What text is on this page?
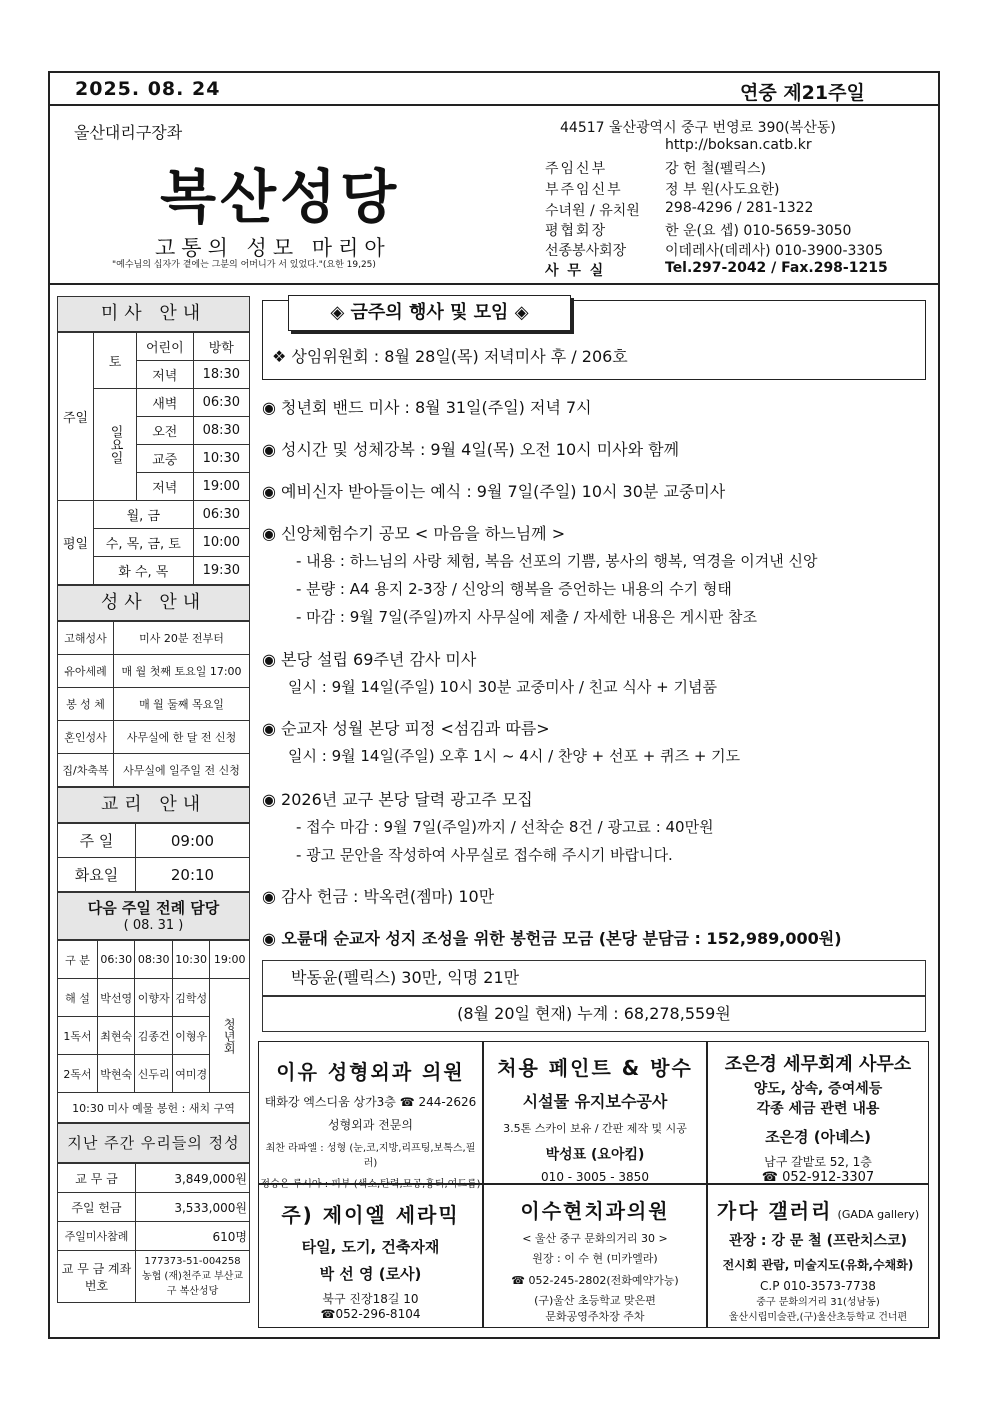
2025. 08. 24	연중 제21주일
울산대리구장좌
복산성당
고통의 성모 마리아
"예수님의 십자가 곁에는 그분의 어머니가 서 있었다."(요한 19,25)
44517 울산광역시 중구 번영로 390(복산동)
http://boksan.catb.kr
주임신부	강 헌 철(펠릭스)
부주임신부	정 부 원(사도요한)
수녀원 / 유치원	298-4296 / 281-1322
평협회장	한 운(요 셉) 010-5659-3050
선종봉사회장	이데레사(데레사) 010-3900-3305
사 무 실	Tel.297-2042 / Fax.298-1215
미사 안내
주일	토	어린이	방학
		저녁	18:30
	일요일	새벽	06:30
		오전	08:30
		교중	10:30
		저녁	19:00
평일	월, 금		06:30
	수, 목, 금, 토		10:00
	화 수, 목		19:30
성사 안내
고해성사	미사 20분 전부터
유아세례	매 월 첫째 토요일 17:00
봉 성 체	매 월 둘째 목요일
혼인성사	사무실에 한 달 전 신청
집/차축복	사무실에 일주일 전 신청
교리 안내
주 일	09:00
화요일	20:10
다음 주일 전례 담당
( 08. 31 )
구 분	06:30	08:30	10:30	19:00
해 설	박선영	이향자	김학성	청년회
1독서	최현숙	김종건	이형우	
2독서	박현숙	신두리	여미경	
10:30 미사 예물 봉헌 : 새치 구역				
지난 주간 우리들의 정성
교 무 금	3,849,000원
주일 헌금	3,533,000원
주일미사참례	610명
교 무 금 계좌번호	177373-51-004258 농협 (재)천주교 부산교구 복산성당
◈ 금주의 행사 및 모임 ◈
❖ 상임위원회 : 8월 28일(목) 저녁미사 후 / 206호
◉ 청년회 밴드 미사 : 8월 31일(주일) 저녁 7시
◉ 성시간 및 성체강복 : 9월 4일(목) 오전 10시 미사와 함께
◉ 예비신자 받아들이는 예식 : 9월 7일(주일) 10시 30분 교중미사
◉ 신앙체험수기 공모 < 마음을 하느님께 >
- 내용 : 하느님의 사랑 체험, 복음 선포의 기쁨, 봉사의 행복, 역경을 이겨낸 신앙
- 분량 : A4 용지 2-3장 / 신앙의 행복을 증언하는 내용의 수기 형태
- 마감 : 9월 7일(주일)까지 사무실에 제출 / 자세한 내용은 게시판 참조
◉ 본당 설립 69주년 감사 미사
일시 : 9월 14일(주일) 10시 30분 교중미사 / 친교 식사 + 기념품
◉ 순교자 성월 본당 피정 <섬김과 따름>
일시 : 9월 14일(주일) 오후 1시 ~ 4시 / 찬양 + 선포 + 퀴즈 + 기도
◉ 2026년 교구 본당 달력 광고주 모집
- 접수 마감 : 9월 7일(주일)까지 / 선착순 8건 / 광고료 : 40만원
- 광고 문안을 작성하여 사무실로 접수해 주시기 바랍니다.
◉ 감사 헌금 : 박옥련(젬마) 10만
◉ 오륜대 순교자 성지 조성을 위한 봉헌금 모금 (본당 분담금 : 152,989,000원)
박동윤(펠릭스) 30만, 익명 21만
(8월 20일 현재) 누계 : 68,278,559원
이유 성형외과 의원
태화강 엑스디움 상가3층 ☎ 244-2626
성형외과 전문의
최찬 라파엘 : 성형 (눈,코,지방,리프팅,보톡스,필러)
정승은 루시아 : 피부 (색소,탄력,모공,흉터,여드름)
처용 페인트 & 방수
시설물 유지보수공사
3.5톤 스카이 보유 / 간판 제작 및 시공
박성표 (요아킴)
010 - 3005 - 3850
조은경 세무회계 사무소
양도, 상속, 증여세등
각종 세금 관련 내용
조은경 (아녜스)
남구 갈밭로 52, 1층
☎ 052-912-3307
주) 제이엘 세라믹
타일, 도기, 건축자재
박 선 영 (로사)
북구 진장18길 10
☎052-296-8104
이수현치과의원
< 울산 중구 문화의거리 30 >
원장 : 이 수 현 (미카엘라)
☎ 052-245-2802(전화예약가능)
(구)울산 초등학교 맞은편
문화공영주차장 주차
가다 갤러리 (GADA gallery)
관장 : 강 문 철 (프란치스코)
전시회 관람, 미술지도(유화,수채화)
C.P 010-3573-7738
중구 문화의거리 31(성남동)
울산시립미술관,(구)울산초등학교 건너편
